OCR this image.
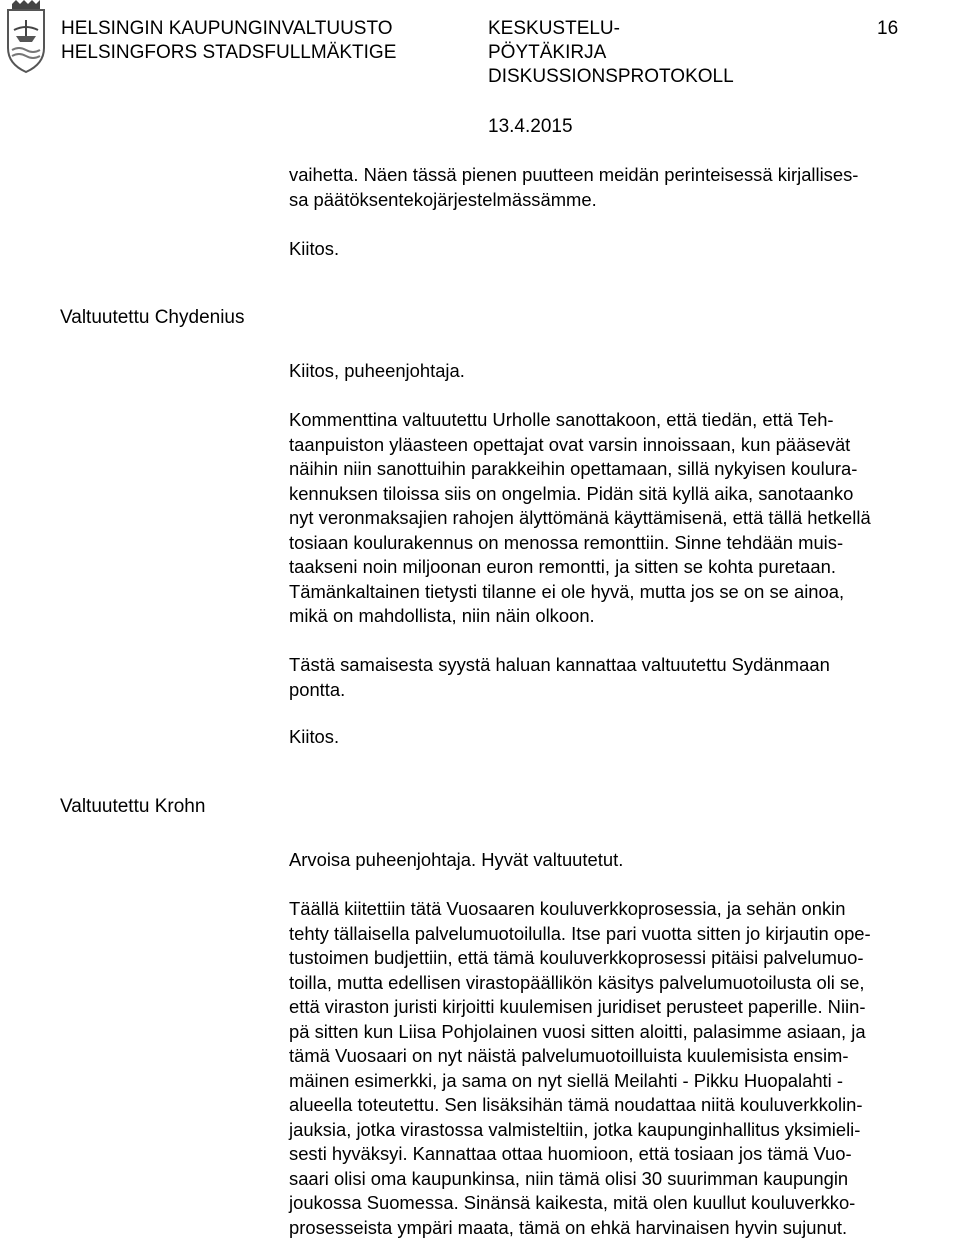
HELSINGIN KAUPUNGINVALTUUSTO
HELSINGFORS STADSFULLMÄKTIGE
KESKUSTELU-
PÖYTÄKIRJA
DISKUSSIONSPROTOKOLL
13.4.2015
16
vaihetta. Näen tässä pienen puutteen meidän perinteisessä kirjallises-
sa päätöksentekojärjestelmässämme.
Kiitos.
Valtuutettu Chydenius
Kiitos, puheenjohtaja.
Kommenttina valtuutettu Urholle sanottakoon, että tiedän, että Teh-
taanpuiston yläasteen opettajat ovat varsin innoissaan, kun pääsevät
näihin niin sanottuihin parakkeihin opettamaan, sillä nykyisen koulura-
kennuksen tiloissa siis on ongelmia. Pidän sitä kyllä aika, sanotaanko
nyt veronmaksajien rahojen älyttömänä käyttämisenä, että tällä hetkellä
tosiaan koulurakennus on menossa remonttiin. Sinne tehdään muis-
taakseni noin miljoonan euron remontti, ja sitten se kohta puretaan.
Tämänkaltainen tietysti tilanne ei ole hyvä, mutta jos se on se ainoa,
mikä on mahdollista, niin näin olkoon.
Tästä samaisesta syystä haluan kannattaa valtuutettu Sydänmaan
pontta.
Kiitos.
Valtuutettu Krohn
Arvoisa puheenjohtaja. Hyvät valtuutetut.
Täällä kiitettiin tätä Vuosaaren kouluverkkoprosessia, ja sehän onkin
tehty tällaisella palvelumuotoilulla. Itse pari vuotta sitten jo kirjautin ope-
tustoimen budjettiin, että tämä kouluverkkoprosessi pitäisi palvelumuo-
toilla, mutta edellisen virastopäällikön käsitys palvelumuotoilusta oli se,
että viraston juristi kirjoitti kuulemisen juridiset perusteet paperille. Niin-
pä sitten kun Liisa Pohjolainen vuosi sitten aloitti, palasimme asiaan, ja
tämä Vuosaari on nyt näistä palvelumuotoilluista kuulemisista ensim-
mäinen esimerkki, ja sama on nyt siellä Meilahti - Pikku Huopalahti -
alueella toteutettu. Sen lisäksihän tämä noudattaa niitä kouluverkkolin-
jauksia, jotka virastossa valmisteltiin, jotka kaupunginhallitus yksimieli-
sesti hyväksyi. Kannattaa ottaa huomioon, että tosiaan jos tämä Vuo-
saari olisi oma kaupunkinsa, niin tämä olisi 30 suurimman kaupungin
joukossa Suomessa. Sinänsä kaikesta, mitä olen kuullut kouluverkko-
prosesseista ympäri maata, tämä on ehkä harvinaisen hyvin sujunut.
